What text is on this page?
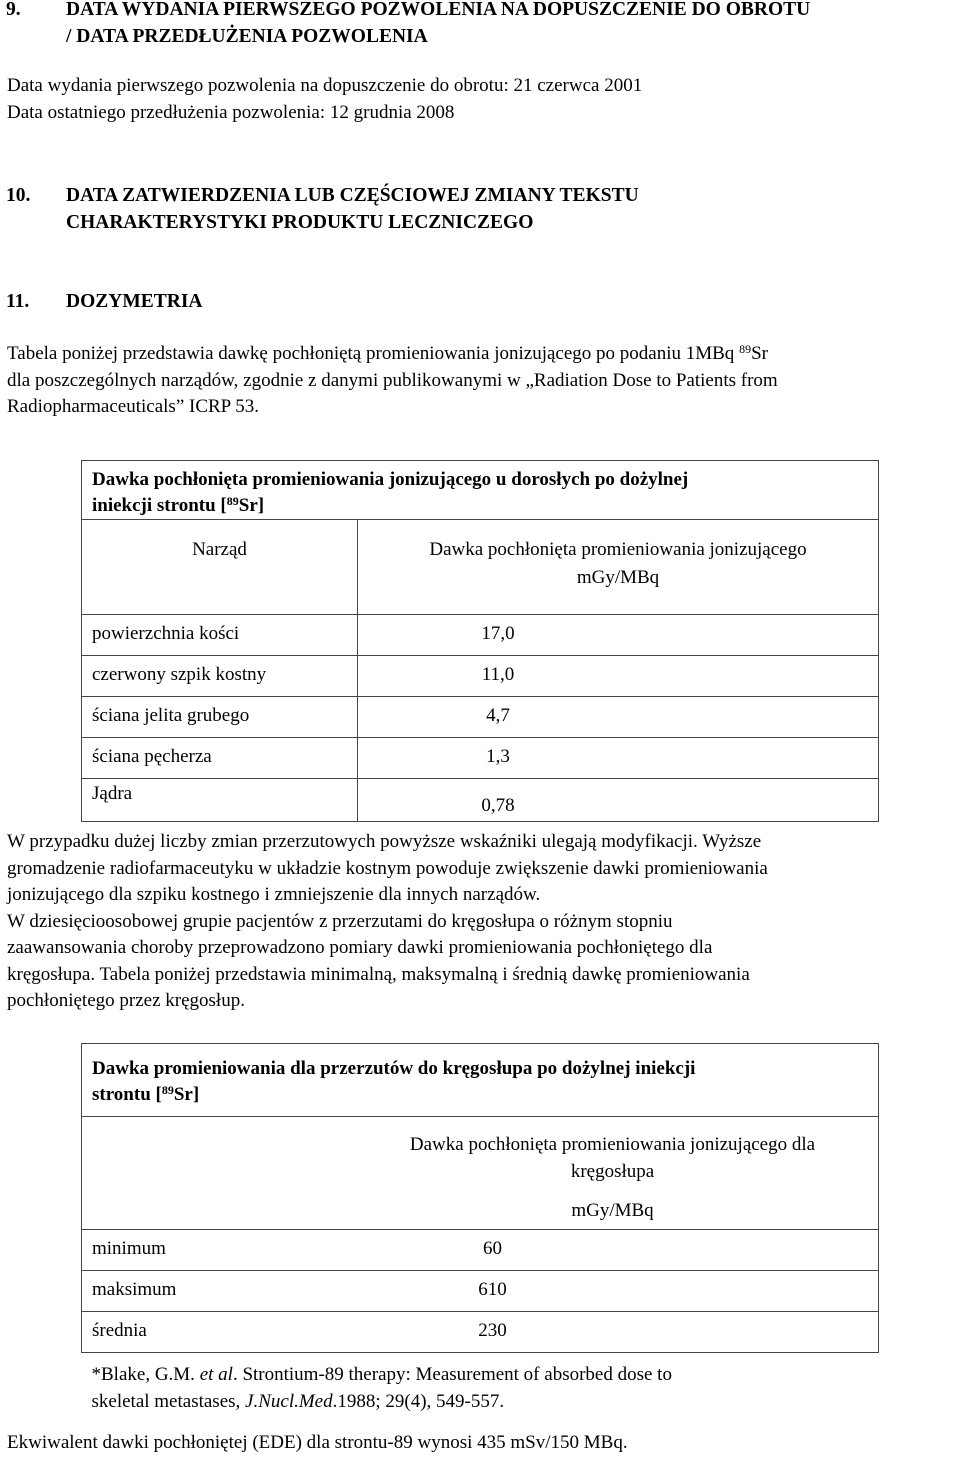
9. DATA WYDANIA PIERWSZEGO POZWOLENIA NA DOPUSZCZENIE DO OBROTU
/ DATA PRZEDŁUŻENIA POZWOLENIA
Data wydania pierwszego pozwolenia na dopuszczenie do obrotu: 21 czerwca 2001
Data ostatniego przedłużenia pozwolenia: 12 grudnia 2008
10. DATA ZATWIERDZENIA LUB CZĘŚCIOWEJ ZMIANY TEKSTU
CHARAKTERYSTYKI PRODUKTU LECZNICZEGO
11. DOZYMETRIA
Tabela poniżej przedstawia dawkę pochłoniętą promieniowania jonizującego po podaniu 1MBq $^{89}$Sr
dla poszczególnych narządów, zgodnie z danymi publikowanymi w „Radiation Dose to Patients from
Radiopharmaceuticals” ICRP 53.
Dawka pochłonięta promieniowania jonizującego u dorosłych po dożylnej
iniekcji strontu [$^{89}$Sr]	

Narząd	Dawka pochłonięta promieniowania jonizującego
mGy/MBq

powierzchnia kości	17,0
czerwony szpik kostny	11,0
ściana jelita grubego	4,7
ściana pęcherza	1,3
Jądra	0,78
W przypadku dużej liczby zmian przerzutowych powyższe wskaźniki ulegają modyfikacji. Wyższe
gromadzenie radiofarmaceutyku w układzie kostnym powoduje zwiększenie dawki promieniowania
jonizującego dla szpiku kostnego i zmniejszenie dla innych narządów.
W dziesięcioosobowej grupie pacjentów z przerzutami do kręgosłupa o różnym stopniu
zaawansowania choroby przeprowadzono pomiary dawki promieniowania pochłoniętego dla
kręgosłupa. Tabela poniżej przedstawia minimalną, maksymalną i średnią dawkę promieniowania
pochłoniętego przez kręgosłup.
Dawka promieniowania dla przerzutów do kręgosłupa po dożylnej iniekcji
strontu [$^{89}$Sr]	

	Dawka pochłonięta promieniowania jonizującego dla
kręgosłupa
mGy/MBq

minimum	60
maksimum	610
średnia	230

*Blake, G.M. et al. Strontium-89 therapy: Measurement of absorbed dose to
skeletal metastases, J.Nucl.Med.1988; 29(4), 549-557.	
Ekwiwalent dawki pochłoniętej (EDE) dla strontu-89 wynosi 435 mSv/150 MBq.
